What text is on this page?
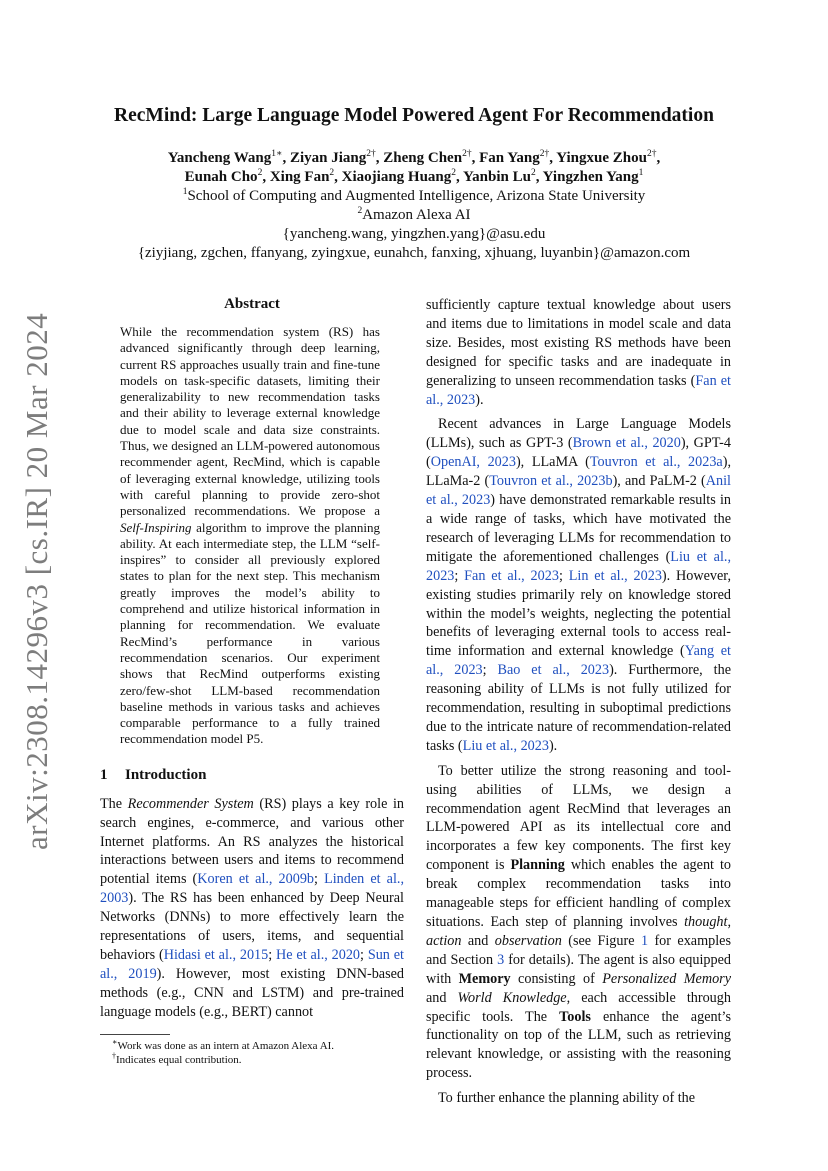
arXiv:2308.14296v3 [cs.IR] 20 Mar 2024
RecMind: Large Language Model Powered Agent For Recommendation
Yancheng Wang$^{1∗}$, Ziyan Jiang$^{2\dagger}$, Zheng Chen$^{2\dagger}$, Fan Yang$^{2\dagger}$, Yingxue Zhou$^{2\dagger}$,
Eunah Cho$^2$, Xing Fan$^2$, Xiaojiang Huang$^2$, Yanbin Lu$^2$, Yingzhen Yang$^1$
$^1$School of Computing and Augmented Intelligence, Arizona State University
$^2$Amazon Alexa AI
{yancheng.wang, yingzhen.yang}@asu.edu
{ziyjiang, zgchen, ffanyang, zyingxue, eunahch, fanxing, xjhuang, luyanbin}@amazon.com
Abstract

While the recommendation system (RS) has advanced significantly through deep learning, current RS approaches usually train and fine-tune models on task-specific datasets, limiting their generalizability to new recommendation tasks and their ability to leverage external knowledge due to model scale and data size constraints. Thus, we designed an LLM-powered autonomous recommender agent, RecMind, which is capable of leveraging external knowledge, utilizing tools with careful planning to provide zero-shot personalized recommendations. We propose a Self-Inspiring algorithm to improve the planning ability. At each intermediate step, the LLM “self-inspires” to consider all previously explored states to plan for the next step. This mechanism greatly improves the model’s ability to comprehend and utilize historical information in planning for recommendation. We evaluate RecMind’s performance in various recommendation scenarios. Our experiment shows that RecMind outperforms existing zero/few-shot LLM-based recommendation baseline methods in various tasks and achieves comparable performance to a fully trained recommendation model P5.

1 Introduction

The Recommender System (RS) plays a key role in search engines, e-commerce, and various other Internet platforms. An RS analyzes the historical interactions between users and items to recommend potential items (Koren et al., 2009b; Linden et al., 2003). The RS has been enhanced by Deep Neural Networks (DNNs) to more effectively learn the representations of users, items, and sequential behaviors (Hidasi et al., 2015; He et al., 2020; Sun et al., 2019). However, most existing DNN-based methods (e.g., CNN and LSTM) and pre-trained language models (e.g., BERT) cannot

∗Work was done as an intern at Amazon Alexa AI.

†Indicates equal contribution.

sufficiently capture textual knowledge about users and items due to limitations in model scale and data size. Besides, most existing RS methods have been designed for specific tasks and are inadequate in generalizing to unseen recommendation tasks (Fan et al., 2023).

Recent advances in Large Language Models (LLMs), such as GPT-3 (Brown et al., 2020), GPT-4 (OpenAI, 2023), LLaMA (Touvron et al., 2023a), LLaMa-2 (Touvron et al., 2023b), and PaLM-2 (Anil et al., 2023) have demonstrated remarkable results in a wide range of tasks, which have motivated the research of leveraging LLMs for recommendation to mitigate the aforementioned challenges (Liu et al., 2023; Fan et al., 2023; Lin et al., 2023). However, existing studies primarily rely on knowledge stored within the model’s weights, neglecting the potential benefits of leveraging external tools to access real-time information and external knowledge (Yang et al., 2023; Bao et al., 2023). Furthermore, the reasoning ability of LLMs is not fully utilized for recommendation, resulting in suboptimal predictions due to the intricate nature of recommendation-related tasks (Liu et al., 2023).

To better utilize the strong reasoning and tool-using abilities of LLMs, we design a recommendation agent RecMind that leverages an LLM-powered API as its intellectual core and incorporates a few key components. The first key component is Planning which enables the agent to break complex recommendation tasks into manageable steps for efficient handling of complex situations. Each step of planning involves thought, action and observation (see Figure 1 for examples and Section 3 for details). The agent is also equipped with Memory consisting of Personalized Memory and World Knowledge, each accessible through specific tools. The Tools enhance the agent’s functionality on top of the LLM, such as retrieving relevant knowledge, or assisting with the reasoning process.

To further enhance the planning ability of the
